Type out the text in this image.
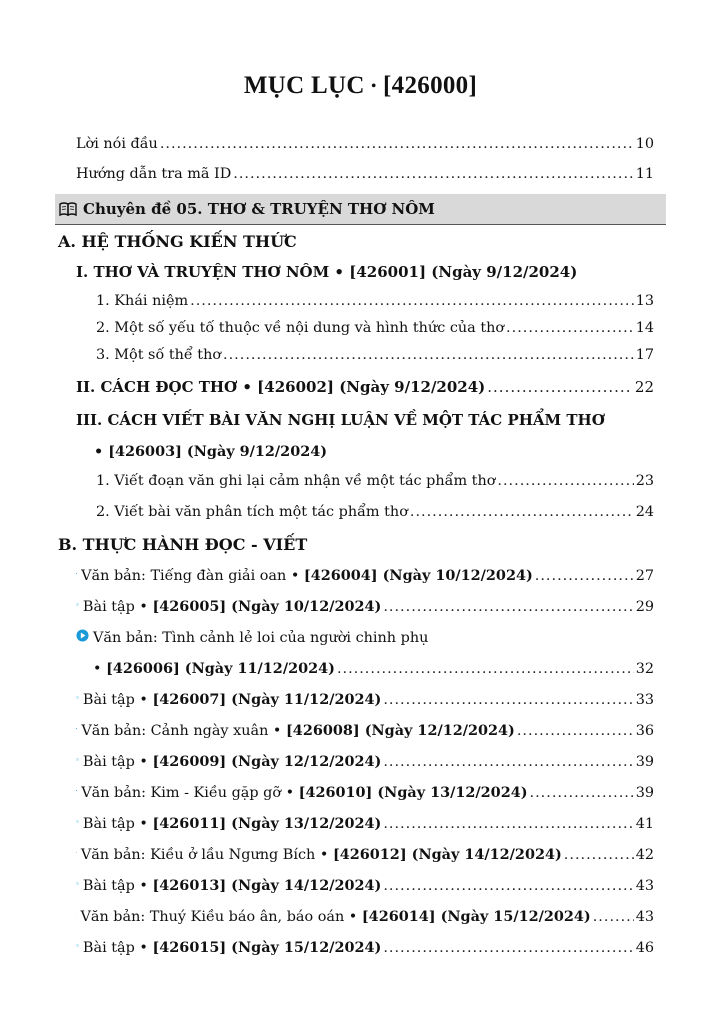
MỤC LỤC • [426000]
Lời nói đầu .....	10
Hướng dẫn tra mã ID .....	11
Chuyên đề 05. THƠ & TRUYỆN THƠ NÔM
A. HỆ THỐNG KIẾN THỨC
I. THƠ VÀ TRUYỆN THƠ NÔM • [426001] (Ngày 9/12/2024)
1. Khái niệm .....	13
2. Một số yếu tố thuộc về nội dung và hình thức của thơ .....	14
3. Một số thể thơ .....	17
II. CÁCH ĐỌC THƠ • [426002] (Ngày 9/12/2024) .....	22
III. CÁCH VIẾT BÀI VĂN NGHỊ LUẬN VỀ MỘT TÁC PHẨM THƠ
• [426003] (Ngày 9/12/2024)
1. Viết đoạn văn ghi lại cảm nhận về một tác phẩm thơ .....	23
2. Viết bài văn phân tích một tác phẩm thơ .....	24
B. THỰC HÀNH ĐỌC - VIẾT
Văn bản: Tiếng đàn giải oan • [426004] (Ngày 10/12/2024) .....	27
i Bài tập • [426005] (Ngày 10/12/2024) .....	29
Văn bản: Tình cảnh lẻ loi của người chinh phụ
• [426006] (Ngày 11/12/2024) .....	32
i Bài tập • [426007] (Ngày 11/12/2024) .....	33
Văn bản: Cảnh ngày xuân • [426008] (Ngày 12/12/2024) .....	36
i Bài tập • [426009] (Ngày 12/12/2024) .....	39
Văn bản: Kim - Kiều gặp gỡ • [426010] (Ngày 13/12/2024) .....	39
i Bài tập • [426011] (Ngày 13/12/2024) .....	41
Văn bản: Kiều ở lầu Ngưng Bích • [426012] (Ngày 14/12/2024) .....	42
i Bài tập • [426013] (Ngày 14/12/2024) .....	43
Văn bản: Thuý Kiều báo ân, báo oán • [426014] (Ngày 15/12/2024) .....	43
i Bài tập • [426015] (Ngày 15/12/2024) .....	46
